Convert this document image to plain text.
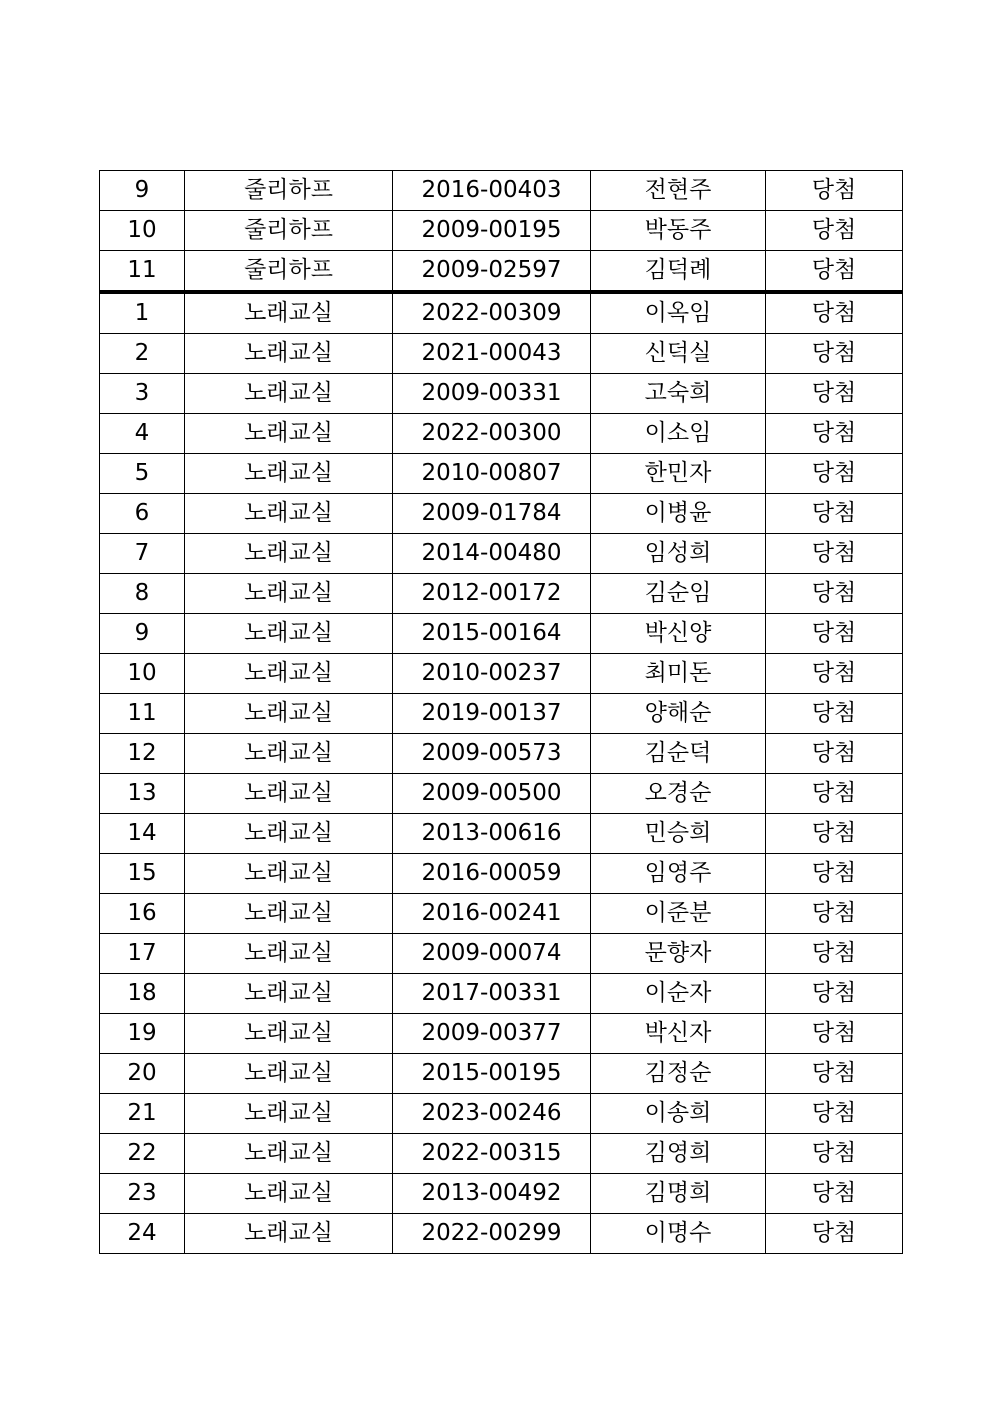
9	줄리하프	2016-00403	전현주	당첨
10	줄리하프	2009-00195	박동주	당첨
11	줄리하프	2009-02597	김덕례	당첨
1	노래교실	2022-00309	이옥임	당첨
2	노래교실	2021-00043	신덕실	당첨
3	노래교실	2009-00331	고숙희	당첨
4	노래교실	2022-00300	이소임	당첨
5	노래교실	2010-00807	한민자	당첨
6	노래교실	2009-01784	이병윤	당첨
7	노래교실	2014-00480	임성희	당첨
8	노래교실	2012-00172	김순임	당첨
9	노래교실	2015-00164	박신양	당첨
10	노래교실	2010-00237	최미돈	당첨
11	노래교실	2019-00137	양해순	당첨
12	노래교실	2009-00573	김순덕	당첨
13	노래교실	2009-00500	오경순	당첨
14	노래교실	2013-00616	민승희	당첨
15	노래교실	2016-00059	임영주	당첨
16	노래교실	2016-00241	이준분	당첨
17	노래교실	2009-00074	문향자	당첨
18	노래교실	2017-00331	이순자	당첨
19	노래교실	2009-00377	박신자	당첨
20	노래교실	2015-00195	김정순	당첨
21	노래교실	2023-00246	이송희	당첨
22	노래교실	2022-00315	김영희	당첨
23	노래교실	2013-00492	김명희	당첨
24	노래교실	2022-00299	이명수	당첨
